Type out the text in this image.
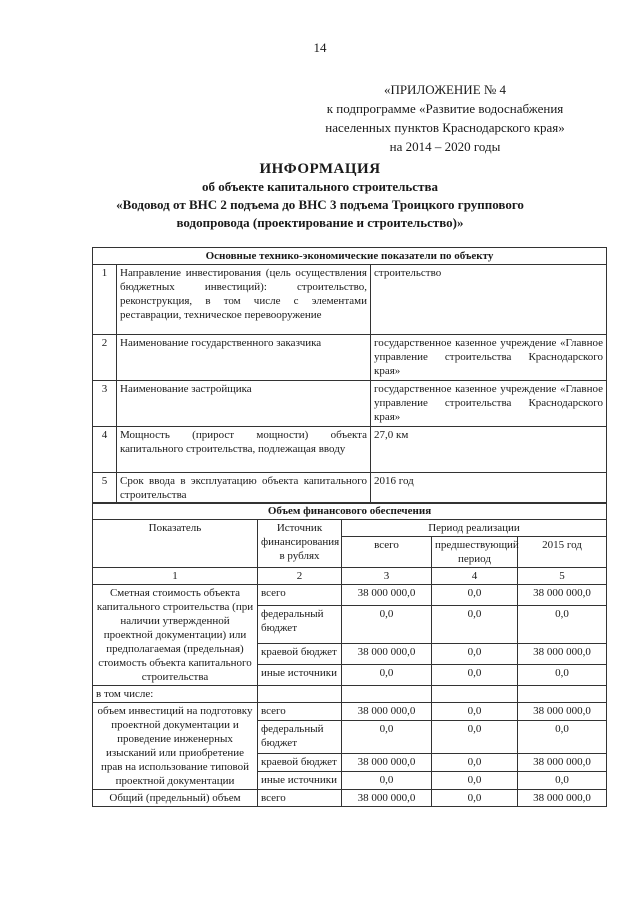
14
«ПРИЛОЖЕНИЕ № 4
к подпрограмме «Развитие водоснабжения
населенных пунктов Краснодарского края»
на 2014 – 2020 годы
ИНФОРМАЦИЯ
об объекте капитального строительства
«Водовод от ВНС 2 подъема до ВНС 3 подъема Троицкого группового
водопровода (проектирование и строительство)»
Основные технико-экономические показатели по объекту		
1	Направление инвестирования (цель осуществления бюджетных инвестиций): строительство, реконструкция, в том числе с элементами реставрации, техническое перевооружение	строительство
2	Наименование государственного заказчика	государственное казенное учреждение «Главное управление строительства Краснодарского края»
3	Наименование застройщика	государственное казенное учреждение «Главное управление строительства Краснодарского края»
4	Мощность (прирост мощности) объекта капитального строительства, подлежащая вводу	27,0 км
5	Срок ввода в эксплуатацию объекта капитального строительства	2016 год
Объем финансового обеспечения				
Показатель	Источник финансирования в рублях	Период реализации		
		всего	предшествующий период	2015 год
1	2	3	4	5
Сметная стоимость объекта капитального строительства (при наличии утвержденной проектной документации) или предполагаемая (предельная) стоимость объекта капитального строительства	всего	38 000 000,0	0,0	38 000 000,0
	федеральный бюджет	0,0	0,0	0,0
	краевой бюджет	38 000 000,0	0,0	38 000 000,0
	иные источники	0,0	0,0	0,0
в том числе:				
объем инвестиций на подготовку проектной документации и проведение инженерных изысканий или приобретение прав на использование типовой проектной документации	всего	38 000 000,0	0,0	38 000 000,0
	федеральный бюджет	0,0	0,0	0,0
	краевой бюджет	38 000 000,0	0,0	38 000 000,0
	иные источники	0,0	0,0	0,0
Общий (предельный) объем	всего	38 000 000,0	0,0	38 000 000,0
